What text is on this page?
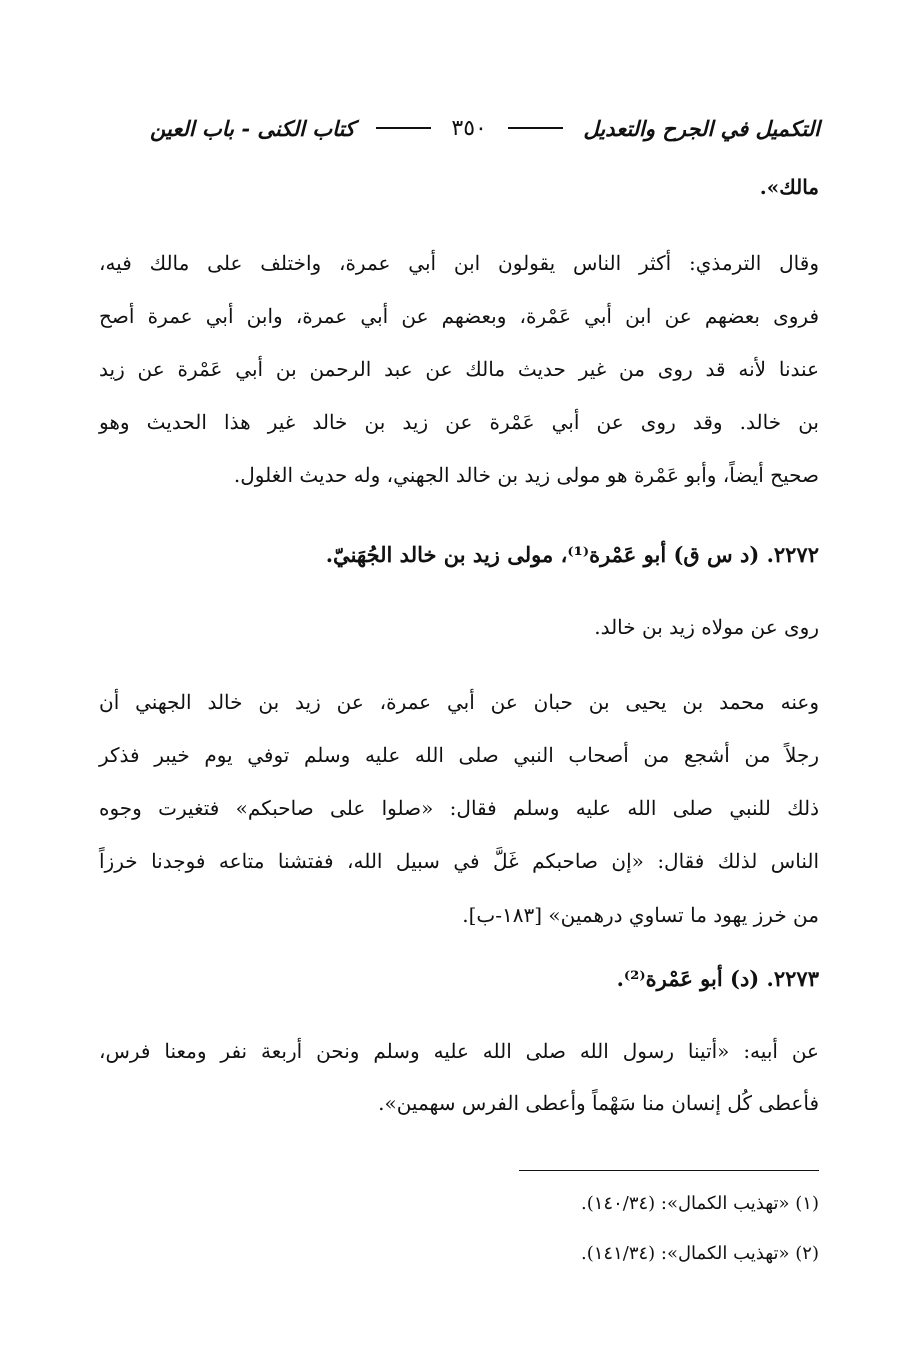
التكميل في الجرح والتعديل
٣٥٠
كتاب الكنى - باب العين
مالك».
وقال الترمذي: أكثر الناس يقولون ابن أبي عمرة، واختلف على مالك فيه،
فروى بعضهم عن ابن أبي عَمْرة، وبعضهم عن أبي عمرة، وابن أبي عمرة أصح
عندنا لأنه قد روى من غير حديث مالك عن عبد الرحمن بن أبي عَمْرة عن زيد
بن خالد. وقد روى عن أبي عَمْرة عن زيد بن خالد غير هذا الحديث وهو
صحيح أيضاً، وأبو عَمْرة هو مولى زيد بن خالد الجهني، وله حديث الغلول.
٢٢٧٢. (د س ق) أبو عَمْرة⁽¹⁾، مولى زيد بن خالد الجُهَنيّ.
روى عن مولاه زيد بن خالد.
وعنه محمد بن يحيى بن حبان عن أبي عمرة، عن زيد بن خالد الجهني أن
رجلاً من أشجع من أصحاب النبي صلى الله عليه وسلم توفي يوم خيبر فذكر
ذلك للنبي صلى الله عليه وسلم فقال: «صلوا على صاحبكم» فتغيرت وجوه
الناس لذلك فقال: «إن صاحبكم غَلَّ في سبيل الله، ففتشنا متاعه فوجدنا خرزاً
من خرز يهود ما تساوي درهمين» [١٨٣-ب].
٢٢٧٣. (د) أبو عَمْرة⁽²⁾.
عن أبيه: «أتينا رسول الله صلى الله عليه وسلم ونحن أربعة نفر ومعنا فرس،
فأعطى كُل إنسان منا سَهْماً وأعطى الفرس سهمين».
(١) «تهذيب الكمال»: (١٤٠/٣٤).
(٢) «تهذيب الكمال»: (١٤١/٣٤).
